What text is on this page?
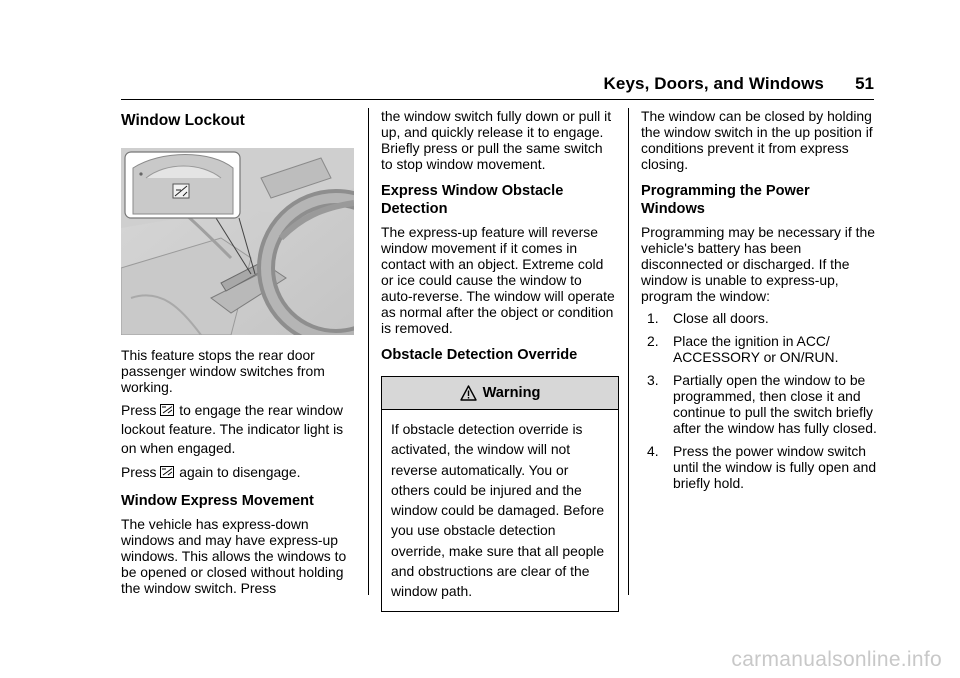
Keys, Doors, and Windows 51
Window Lockout

This feature stops the rear door passenger window switches from working.

Press to engage the rear window lockout feature. The indicator light is on when engaged.

Press again to disengage.

Window Express Movement

The vehicle has express-down windows and may have express-up windows. This allows the windows to be opened or closed without holding the window switch. Press

the window switch fully down or pull it up, and quickly release it to engage. Briefly press or pull the same switch to stop window movement.

Express Window Obstacle Detection

The express-up feature will reverse window movement if it comes in contact with an object. Extreme cold or ice could cause the window to auto-reverse. The window will operate as normal after the object or condition is removed.

Obstacle Detection Override
Warning
If obstacle detection override is activated, the window will not reverse automatically. You or others could be injured and the window could be damaged. Before you use obstacle detection override, make sure that all people and obstructions are clear of the window path.

The window can be closed by holding the window switch in the up position if conditions prevent it from express closing.

Programming the Power Windows

Programming may be necessary if the vehicle's battery has been disconnected or discharged. If the window is unable to express-up, program the window:

1. Close all doors.
2. Place the ignition in ACC/ ACCESSORY or ON/RUN.
3. Partially open the window to be programmed, then close it and continue to pull the switch briefly after the window has fully closed.
4. Press the power window switch until the window is fully open and briefly hold.
carmanualsonline.info
